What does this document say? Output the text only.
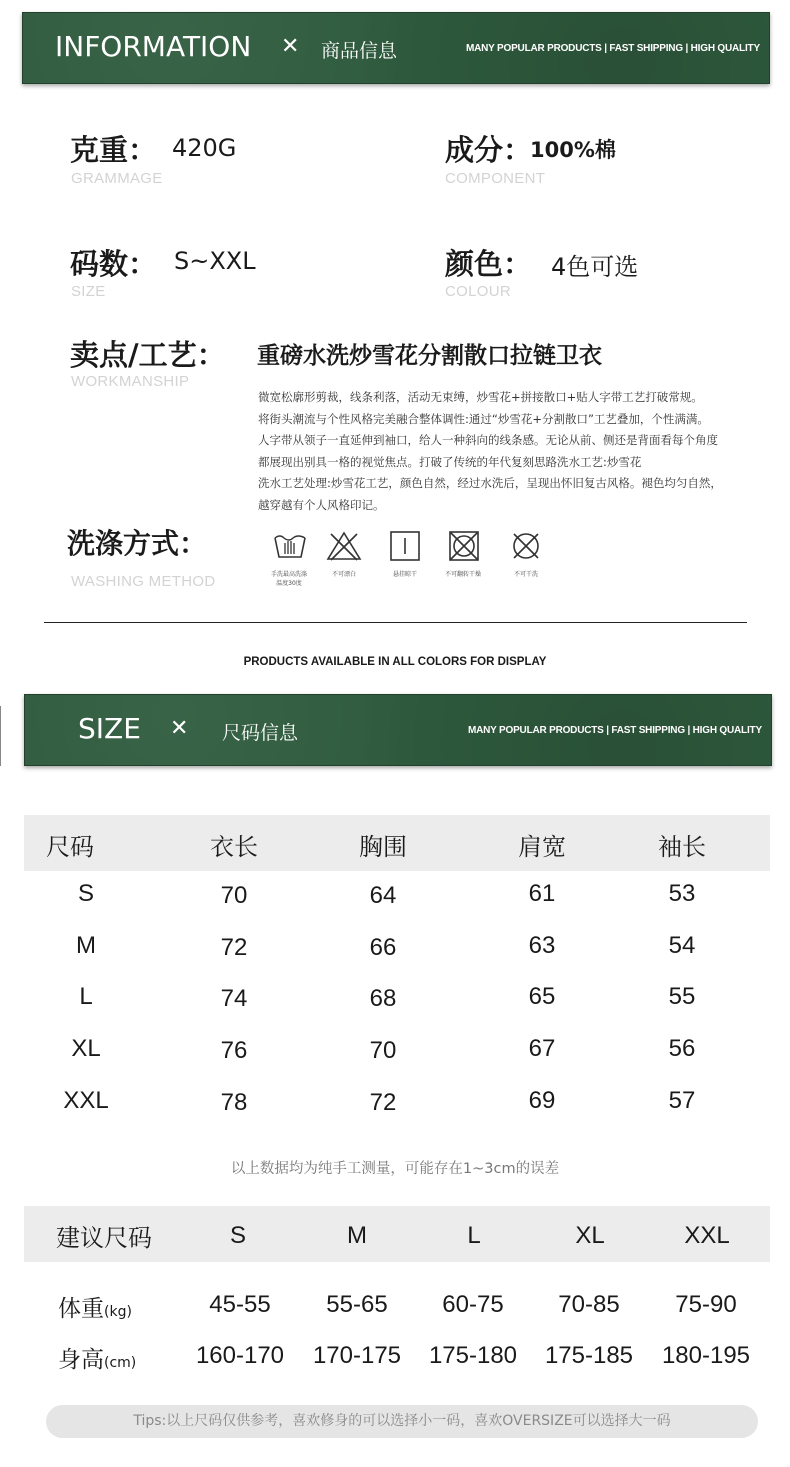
INFORMATION ✕ 商品信息	MANY POPULAR PRODUCTS | FAST SHIPPING | HIGH QUALITY
克重： 420G
GRAMMAGE
成分：
100%棉
COMPONENT
码数： S~XXL
SIZE
颜色： 4色可选
COLOUR
卖点/工艺： 重磅水洗炒雪花分割散口拉链卫衣
WORKMANSHIP
微宽松廓形剪裁，线条利落，活动无束缚，炒雪花+拼接散口+贴人字带工艺打破常规。
将街头潮流与个性风格完美融合整体调性:通过“炒雪花+分割散口”工艺叠加，个性满满。
人字带从领子一直延伸到袖口，给人一种斜向的线条感。无论从前、侧还是背面看每个角度
都展现出别具一格的视觉焦点。打破了传统的年代复刻思路洗水工艺:炒雪花
洗水工艺处理:炒雪花工艺，颜色自然，经过水洗后，呈现出怀旧复古风格。褪色均匀自然，
越穿越有个人风格印记。
洗涤方式：
WASHING METHOD	手洗最高洗涤温度30度
不可漂白	悬挂晾干	不可翻转干燥	不可干洗
PRODUCTS AVAILABLE IN ALL COLORS FOR DISPLAY
SIZE ✕ 尺码信息	MANY POPULAR PRODUCTS | FAST SHIPPING | HIGH QUALITY
尺码	衣长	胸围	肩宽	袖长
S	70	64	61	53
M	72	66	63	54
L	74	68	65	55
XL	76	70	67	56
XXL	78	72	69	57
以上数据均为纯手工测量，可能存在1~3cm的误差
建议尺码	S	M	L	XL	XXL
体重(kg)	45-55	55-65	60-75	70-85	75-90
身高(cm)	160-170	170-175	175-180	175-185	180-195
Tips:以上尺码仅供参考，喜欢修身的可以选择小一码，喜欢OVERSIZE可以选择大一码
